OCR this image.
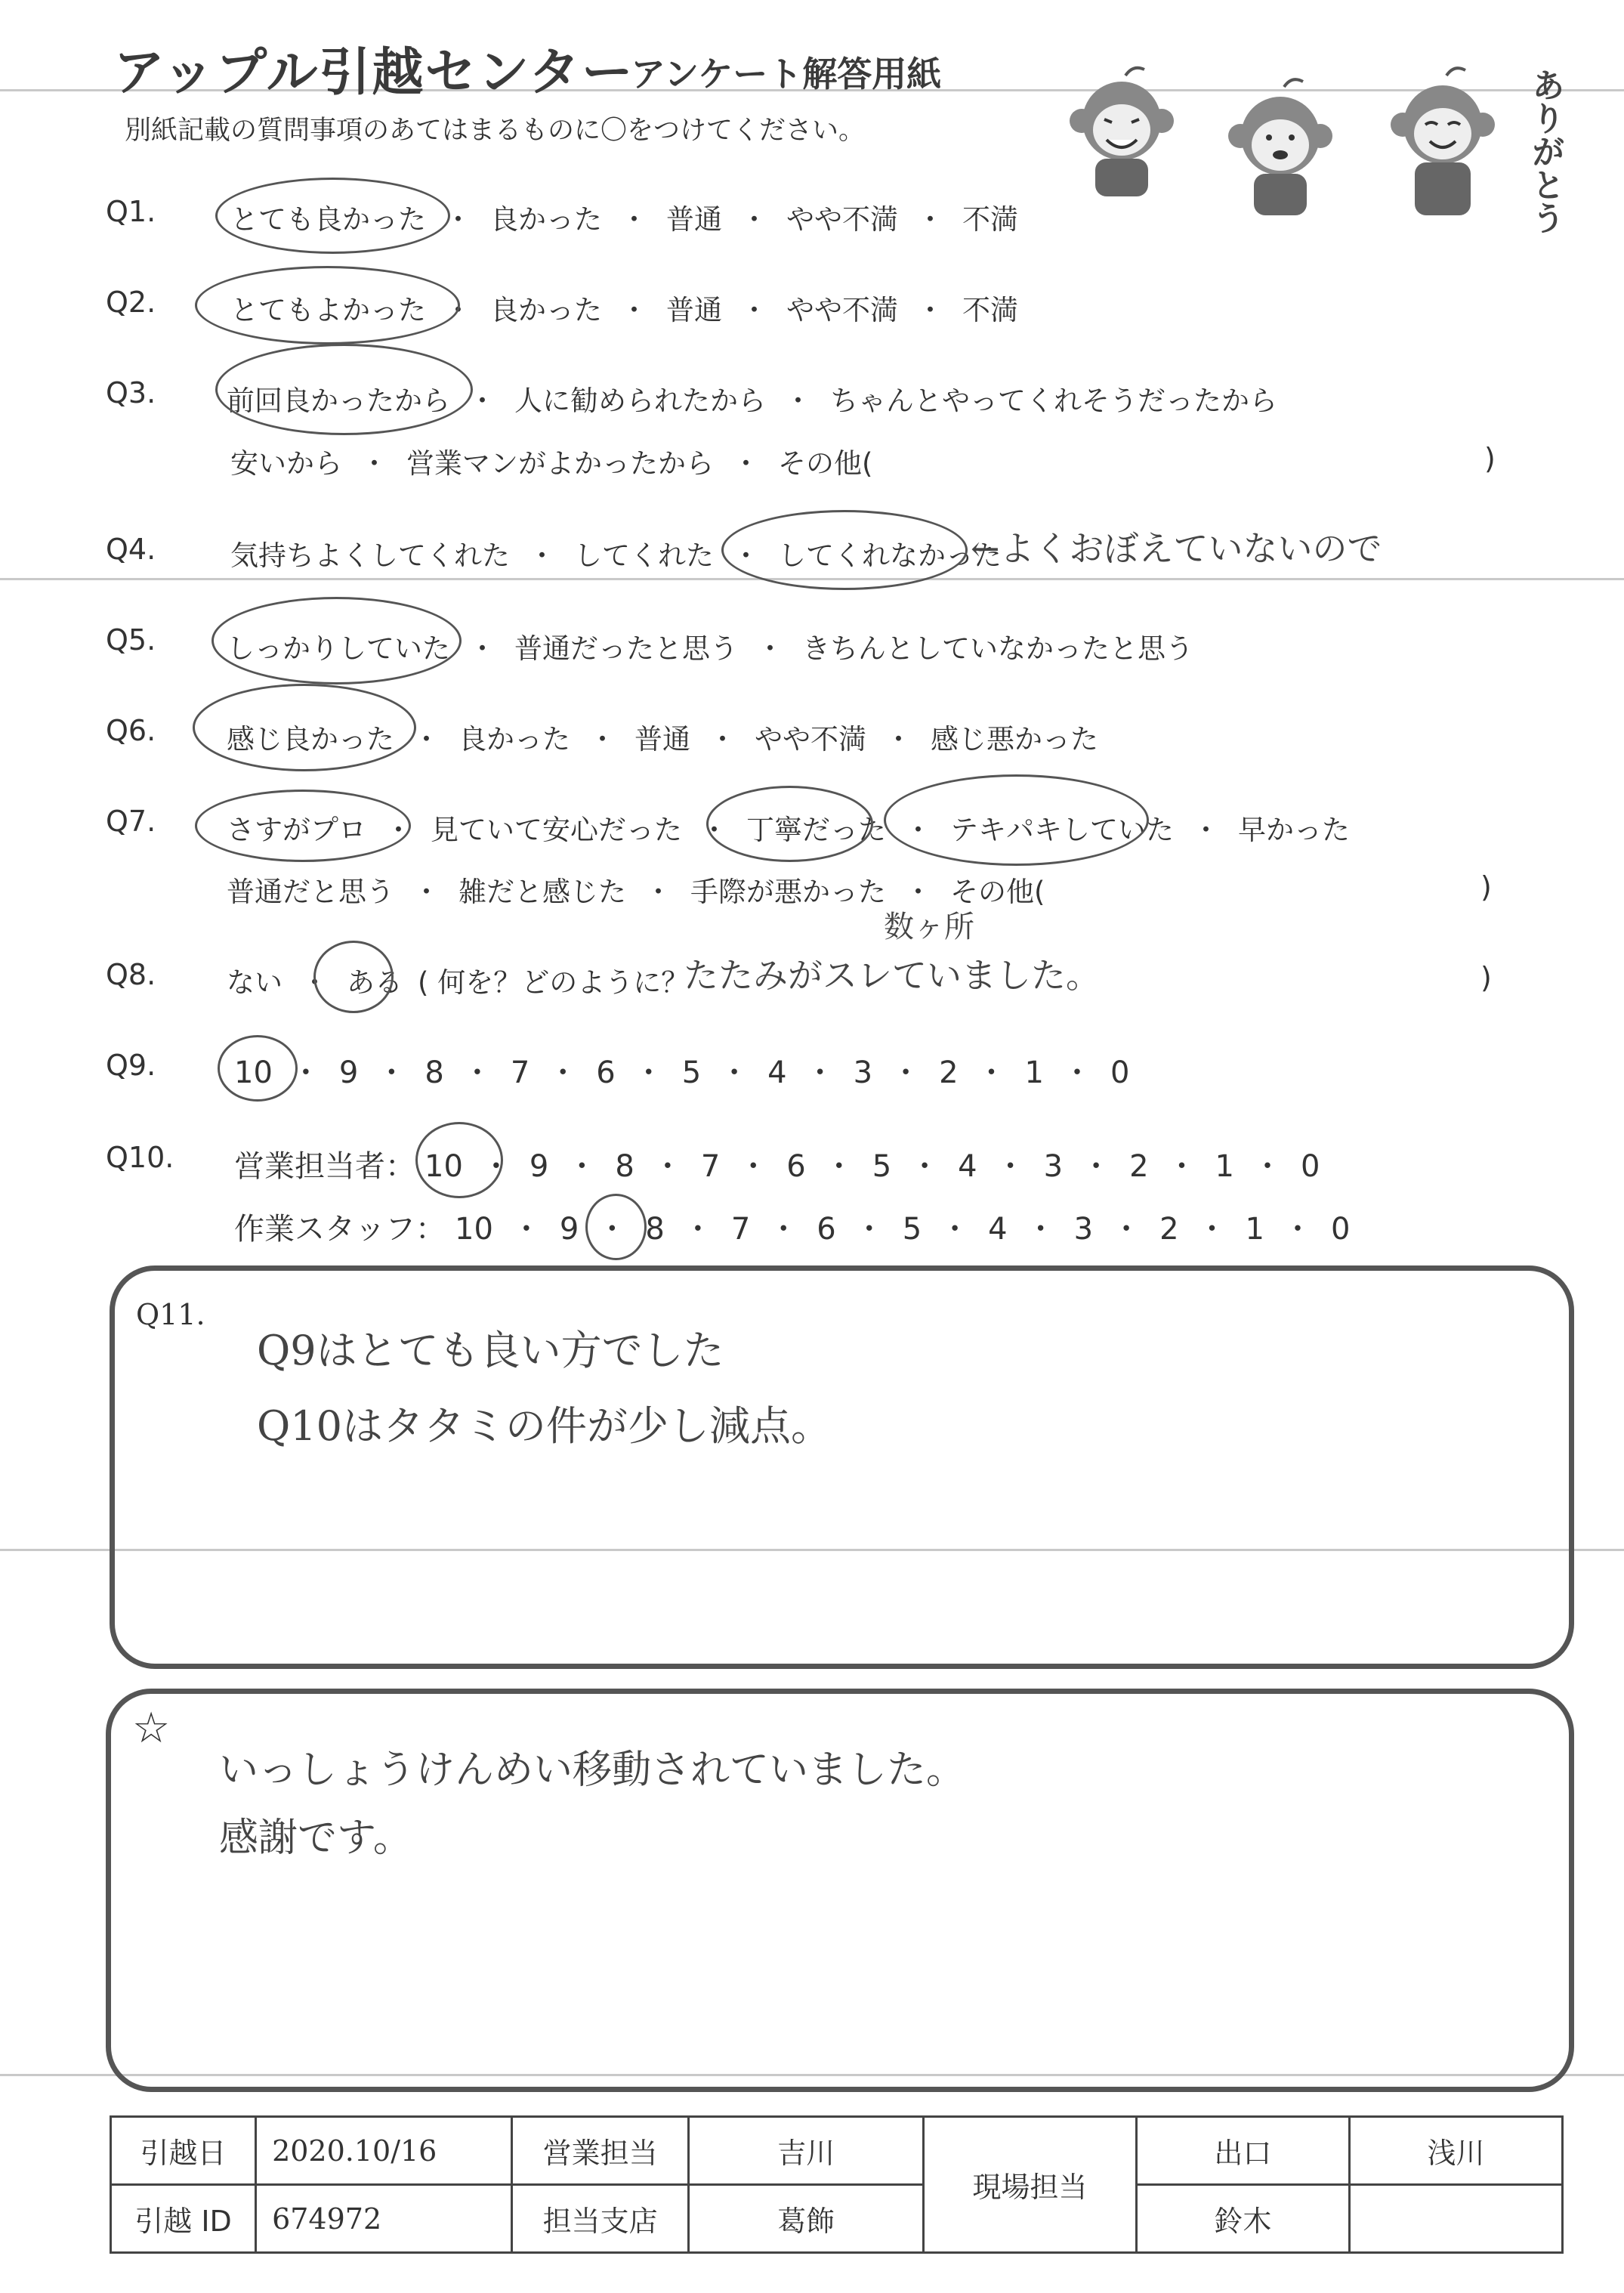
アップル引越センター
アンケート解答用紙
別紙記載の質問事項のあてはまるものに〇をつけてください。	ありがとう
Q1.	とても良かった ・ 良かった ・ 普通 ・ やや不満 ・ 不満
Q2.	とてもよかった ・ 良かった ・ 普通 ・ やや不満 ・ 不満
Q3.	前回良かったから ・ 人に勧められたから ・ ちゃんとやってくれそうだったから
安いから ・ 営業マンがよかったから ・ その他(	)
Q4.	気持ちよくしてくれた ・ してくれた ・ してくれなかった
←よくおぼえていないので
Q5.	しっかりしていた ・ 普通だったと思う ・ きちんとしていなかったと思う
Q6.	感じ良かった ・ 良かった ・ 普通 ・ やや不満 ・ 感じ悪かった
Q7.	さすがプロ ・ 見ていて安心だった ・ 丁寧だった ・ テキパキしていた ・ 早かった
普通だと思う ・ 雑だと感じた ・ 手際が悪かった ・ その他(	)
Q8.	ない ・ ある ( 何を？どのように？
数ヶ所
たたみがスレていました。	)
Q9.	10 ・ 9 ・ 8 ・ 7 ・ 6 ・ 5 ・ 4 ・ 3 ・ 2 ・ 1 ・ 0
Q10. 営業担当者： 10 ・ 9 ・ 8 ・ 7 ・ 6 ・ 5 ・ 4 ・ 3 ・ 2 ・ 1 ・ 0
作業スタッフ： 10 ・ 9 ・ 8 ・ 7 ・ 6 ・ 5 ・ 4 ・ 3 ・ 2 ・ 1 ・ 0
Q11.
Q9はとても良い方でした
Q10はタタミの件が少し減点。
☆
いっしょうけんめい移動されていました。
感謝です。
引越日	2020.10/16	営業担当	吉川	現場担当	出口	浅川
引越 ID	674972	担当支店	葛飾		鈴木	
